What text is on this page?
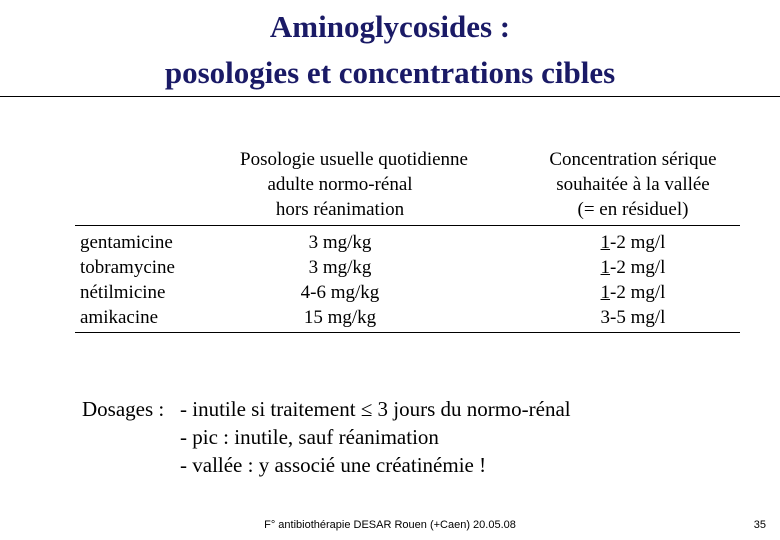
Aminoglycosides :
posologies et concentrations cibles
Posologie usuelle quotidienne
adulte normo-rénal
hors réanimation
Concentration sérique
souhaitée à la vallée
(= en résiduel)
gentamicine	3 mg/kg	1-2 mg/l
tobramycine	3 mg/kg	1-2 mg/l
nétilmicine	4-6 mg/kg	1-2 mg/l
amikacine	15 mg/kg	3-5 mg/l
Dosages : - inutile si traitement ≤ 3 jours du normo-rénal
- pic : inutile, sauf réanimation
- vallée : y associé une créatinémie !
F° antibiothérapie DESAR Rouen (+Caen) 20.05.08	35
